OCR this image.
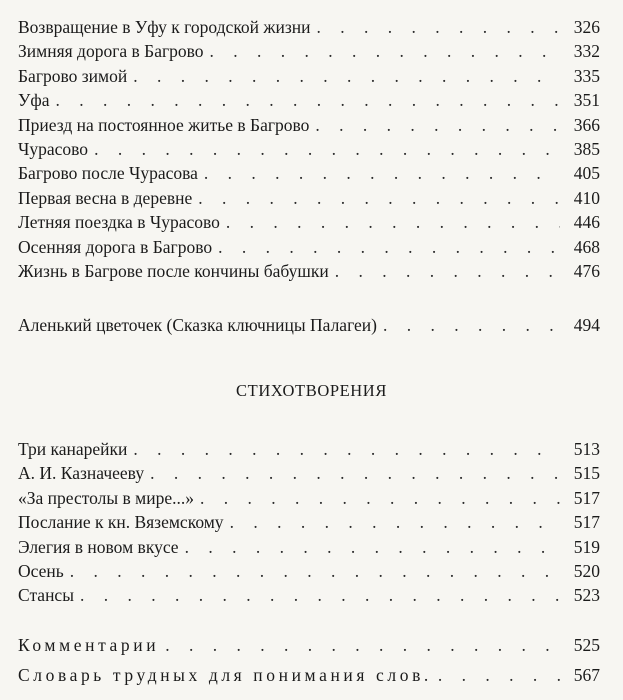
Возвращение в Уфу к городской жизни . . .	326
Зимняя дорога в Багрово . . .	332
Багрово зимой . . .	335
Уфа . . .	351
Приезд на постоянное житье в Багрово . . .	366
Чурасово . . .	385
Багрово после Чурасова . . .	405
Первая весна в деревне . . .	410
Летняя поездка в Чурасово . . .	446
Осенняя дорога в Багрово . . .	468
Жизнь в Багрове после кончины бабушки . . .	476
Аленький цветочек (Сказка ключницы Палагеи) . . .	494
СТИХОТВОРЕНИЯ
Три канарейки . . .	513
А. И. Казначееву . . .	515
«За престолы в мире...» . . .	517
Послание к кн. Вяземскому . . .	517
Элегия в новом вкусе . . .	519
Осень . . .	520
Стансы . . .	523
Комментарии . . .	525
Словарь трудных для понимания слов. . . .	567
